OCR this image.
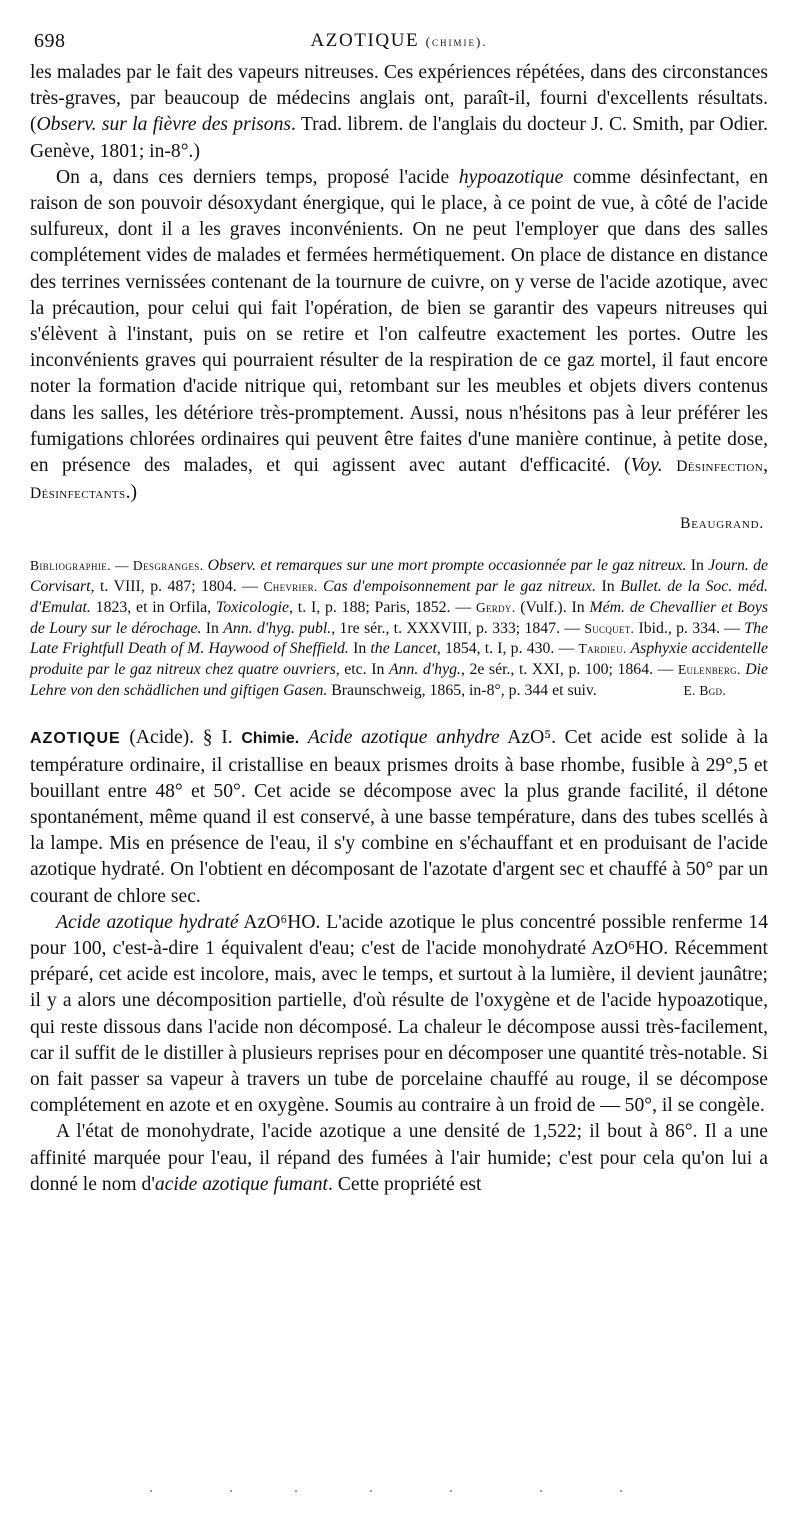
698	AZOTIQUE (chimie).

les malades par le fait des vapeurs nitreuses. Ces expériences répétées, dans des circonstances très-graves, par beaucoup de médecins anglais ont, paraît-il, fourni d'excellents résultats. (Observ. sur la fièvre des prisons. Trad. librem. de l'anglais du docteur J. C. Smith, par Odier. Genève, 1801; in-8°.)

On a, dans ces derniers temps, proposé l'acide hypoazotique comme désinfectant, en raison de son pouvoir désoxydant énergique, qui le place, à ce point de vue, à côté de l'acide sulfureux, dont il a les graves inconvénients. On ne peut l'employer que dans des salles complétement vides de malades et fermées hermétiquement. On place de distance en distance des terrines vernissées contenant de la tournure de cuivre, on y verse de l'acide azotique, avec la précaution, pour celui qui fait l'opération, de bien se garantir des vapeurs nitreuses qui s'élèvent à l'instant, puis on se retire et l'on calfeutre exactement les portes. Outre les inconvénients graves qui pourraient résulter de la respiration de ce gaz mortel, il faut encore noter la formation d'acide nitrique qui, retombant sur les meubles et objets divers contenus dans les salles, les détériore très-promptement. Aussi, nous n'hésitons pas à leur préférer les fumigations chlorées ordinaires qui peuvent être faites d'une manière continue, à petite dose, en présence des malades, et qui agissent avec autant d'efficacité. (Voy. Désinfection, Désinfectants.)

Beaugrand.
Bibliographie. — Desgranges. Observ. et remarques sur une mort prompte occasionnée par le gaz nitreux. In Journ. de Corvisart, t. VIII, p. 487; 1804. — Chevrier. Cas d'empoisonnement par le gaz nitreux. In Bullet. de la Soc. méd. d'Emulat. 1823, et in Orfila, Toxicologie, t. I, p. 188; Paris, 1852. — Gerdy. (Vulf.). In Mém. de Chevallier et Boys de Loury sur le dérochage. In Ann. d'hyg. publ., 1re sér., t. XXXVIII, p. 333; 1847. — Sucquet. Ibid., p. 334. — The Late Frightfull Death of M. Haywood of Sheffield. In the Lancet, 1854, t. I, p. 430. — Tardieu. Asphyxie accidentelle produite par le gaz nitreux chez quatre ouvriers, etc. In Ann. d'hyg., 2e sér., t. XXI, p. 100; 1864. — Eulenberg. Die Lehre von den schädlichen und giftigen Gasen. Braunschweig, 1865, in-8°, p. 344 et suiv.	E. Bgd.

AZOTIQUE (Acide). § I. Chimie. Acide azotique anhydre AzO⁵. Cet acide est solide à la température ordinaire, il cristallise en beaux prismes droits à base rhombe, fusible à 29°,5 et bouillant entre 48° et 50°. Cet acide se décompose avec la plus grande facilité, il détone spontanément, même quand il est conservé, à une basse température, dans des tubes scellés à la lampe. Mis en présence de l'eau, il s'y combine en s'échauffant et en produisant de l'acide azotique hydraté. On l'obtient en décomposant de l'azotate d'argent sec et chauffé à 50° par un courant de chlore sec.

Acide azotique hydraté AzO⁶HO. L'acide azotique le plus concentré possible renferme 14 pour 100, c'est-à-dire 1 équivalent d'eau; c'est de l'acide monohydraté AzO⁶HO. Récemment préparé, cet acide est incolore, mais, avec le temps, et surtout à la lumière, il devient jaunâtre; il y a alors une décomposition partielle, d'où résulte de l'oxygène et de l'acide hypoazotique, qui reste dissous dans l'acide non décomposé. La chaleur le décompose aussi très-facilement, car il suffit de le distiller à plusieurs reprises pour en décomposer une quantité très-notable. Si on fait passer sa vapeur à travers un tube de porcelaine chauffé au rouge, il se décompose complétement en azote et en oxygène. Soumis au contraire à un froid de — 50°, il se congèle.

A l'état de monohydrate, l'acide azotique a une densité de 1,522; il bout à 86°. Il a une affinité marquée pour l'eau, il répand des fumées à l'air humide; c'est pour cela qu'on lui a donné le nom d'acide azotique fumant. Cette propriété est
